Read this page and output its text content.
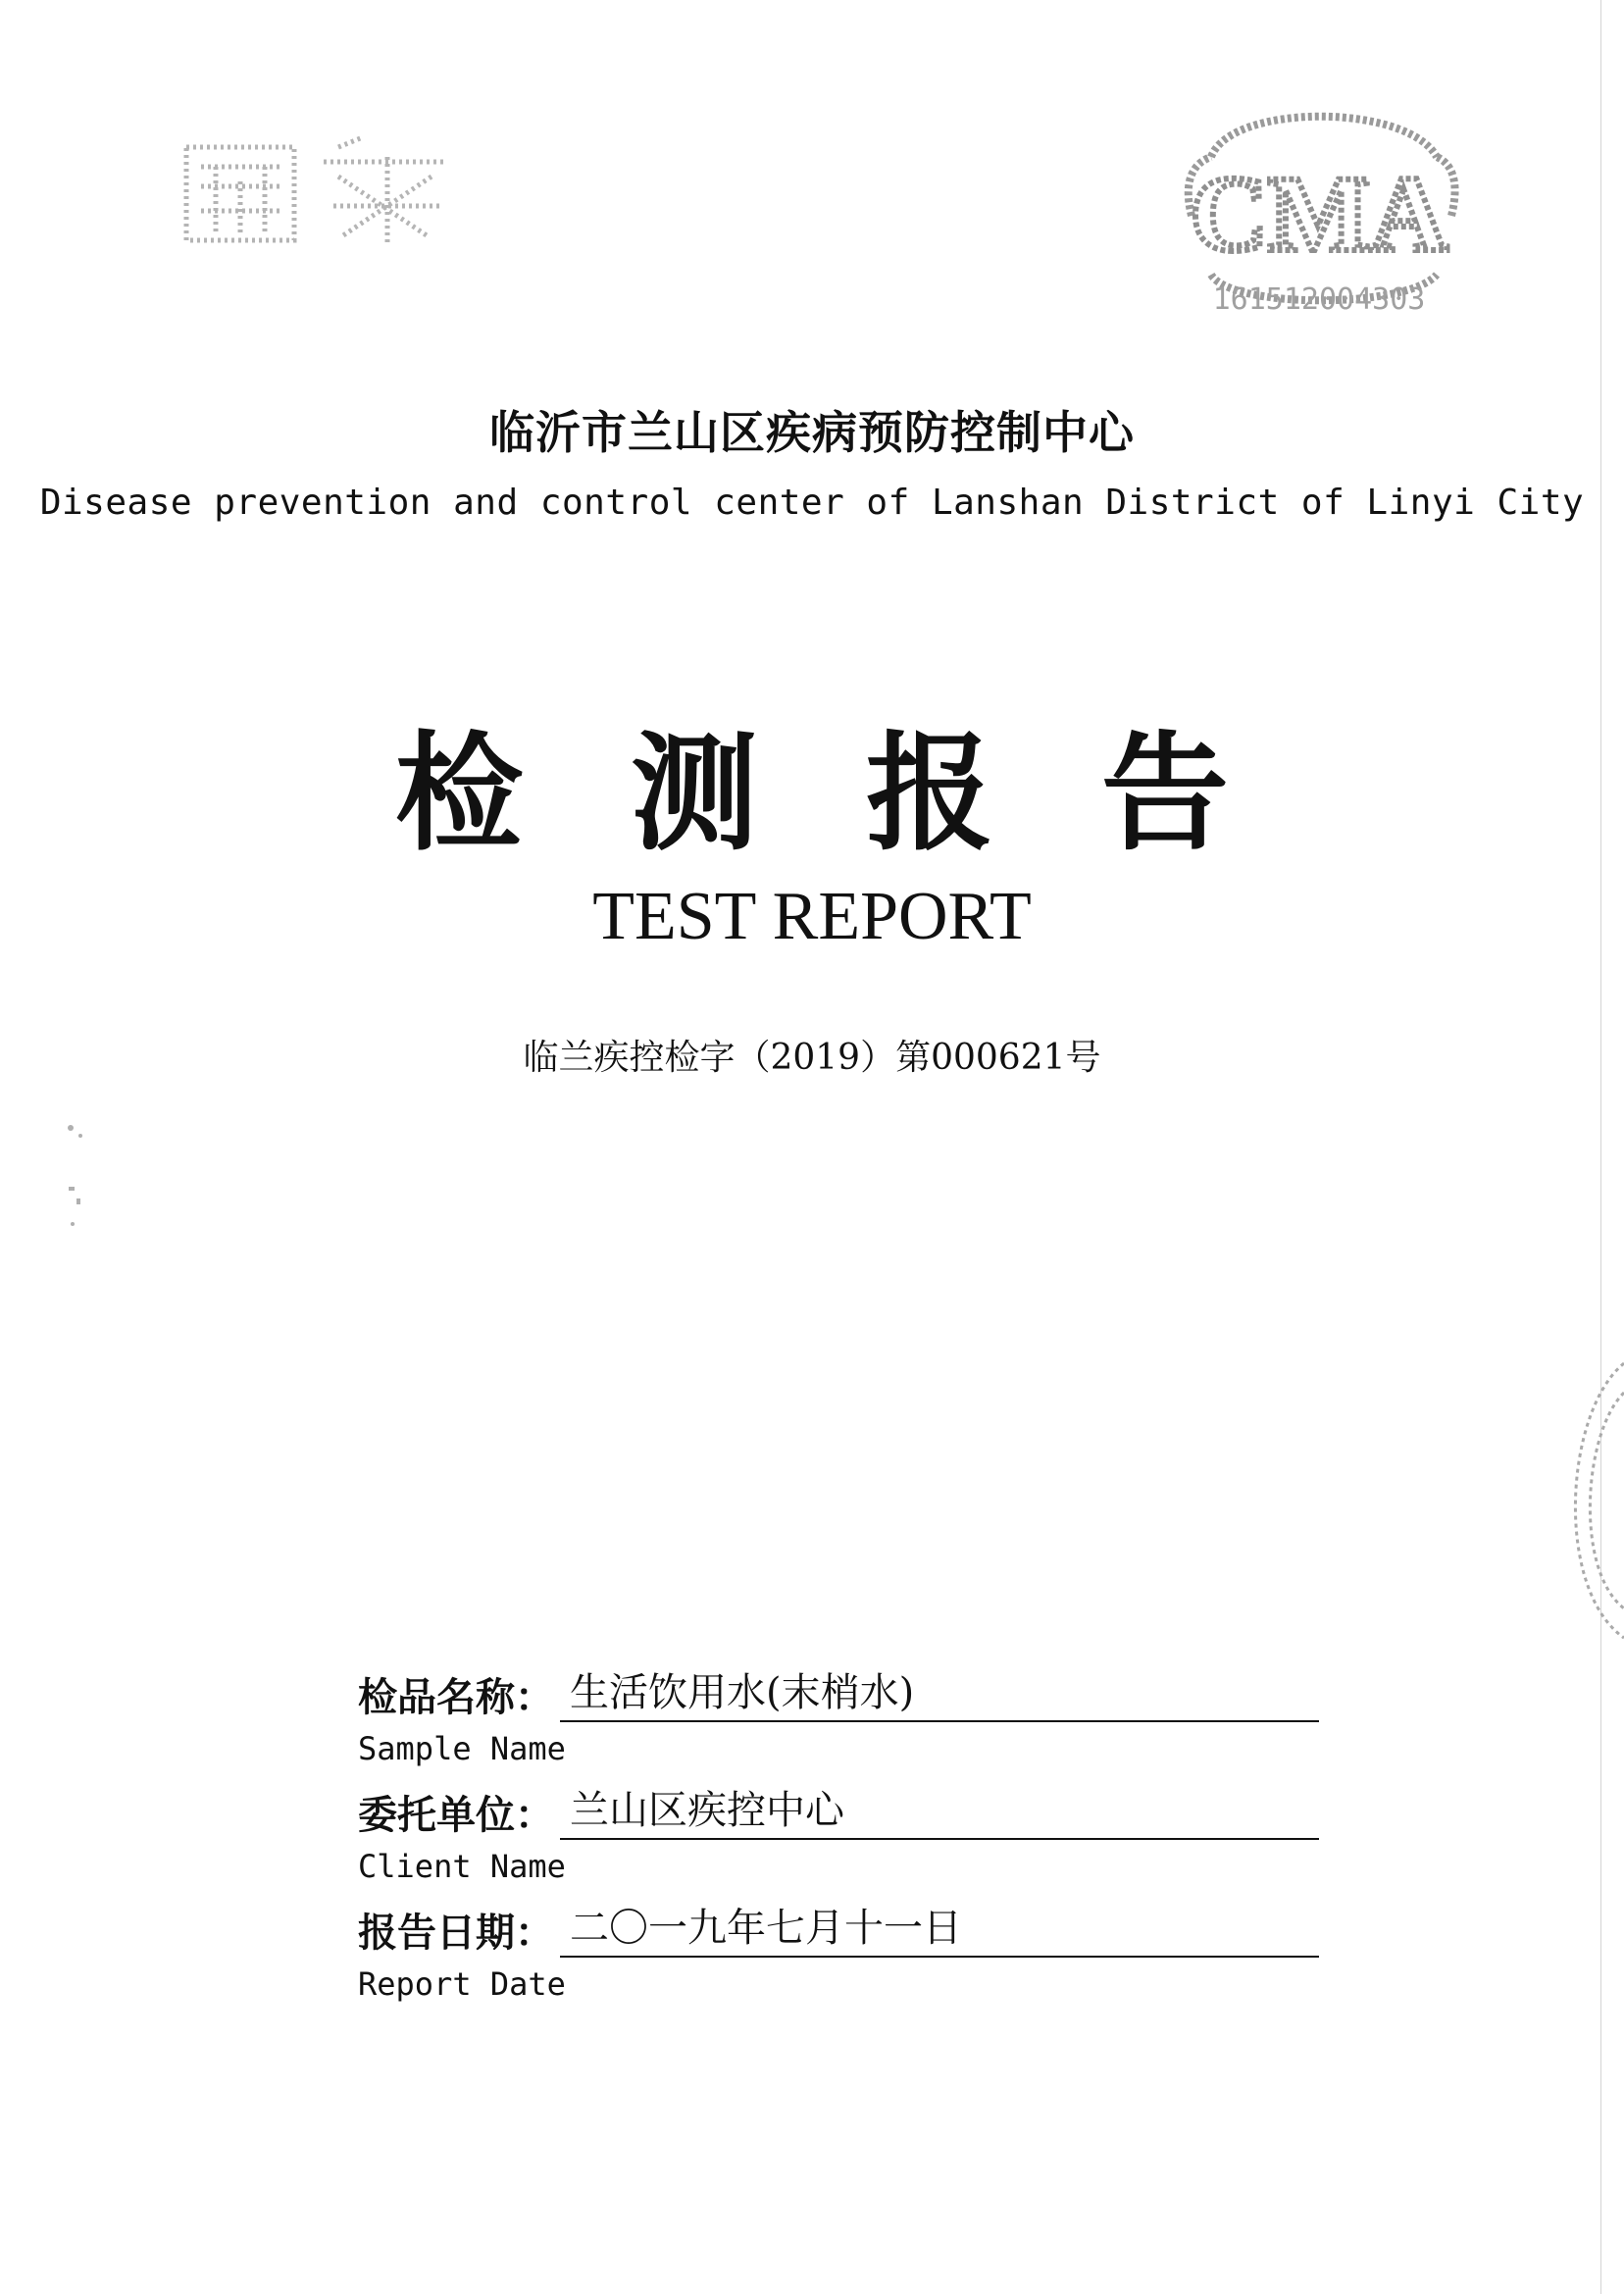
CMA
161512004303
临沂市兰山区疾病预防控制中心
Disease prevention and control center of Lanshan District of Linyi City
检测报告
TEST REPORT
临兰疾控检字（2019）第000621号
检品名称： 生活饮用水(末梢水)
Sample Name
委托单位： 兰山区疾控中心
Client Name
报告日期： 二〇一九年七月十一日
Report Date
